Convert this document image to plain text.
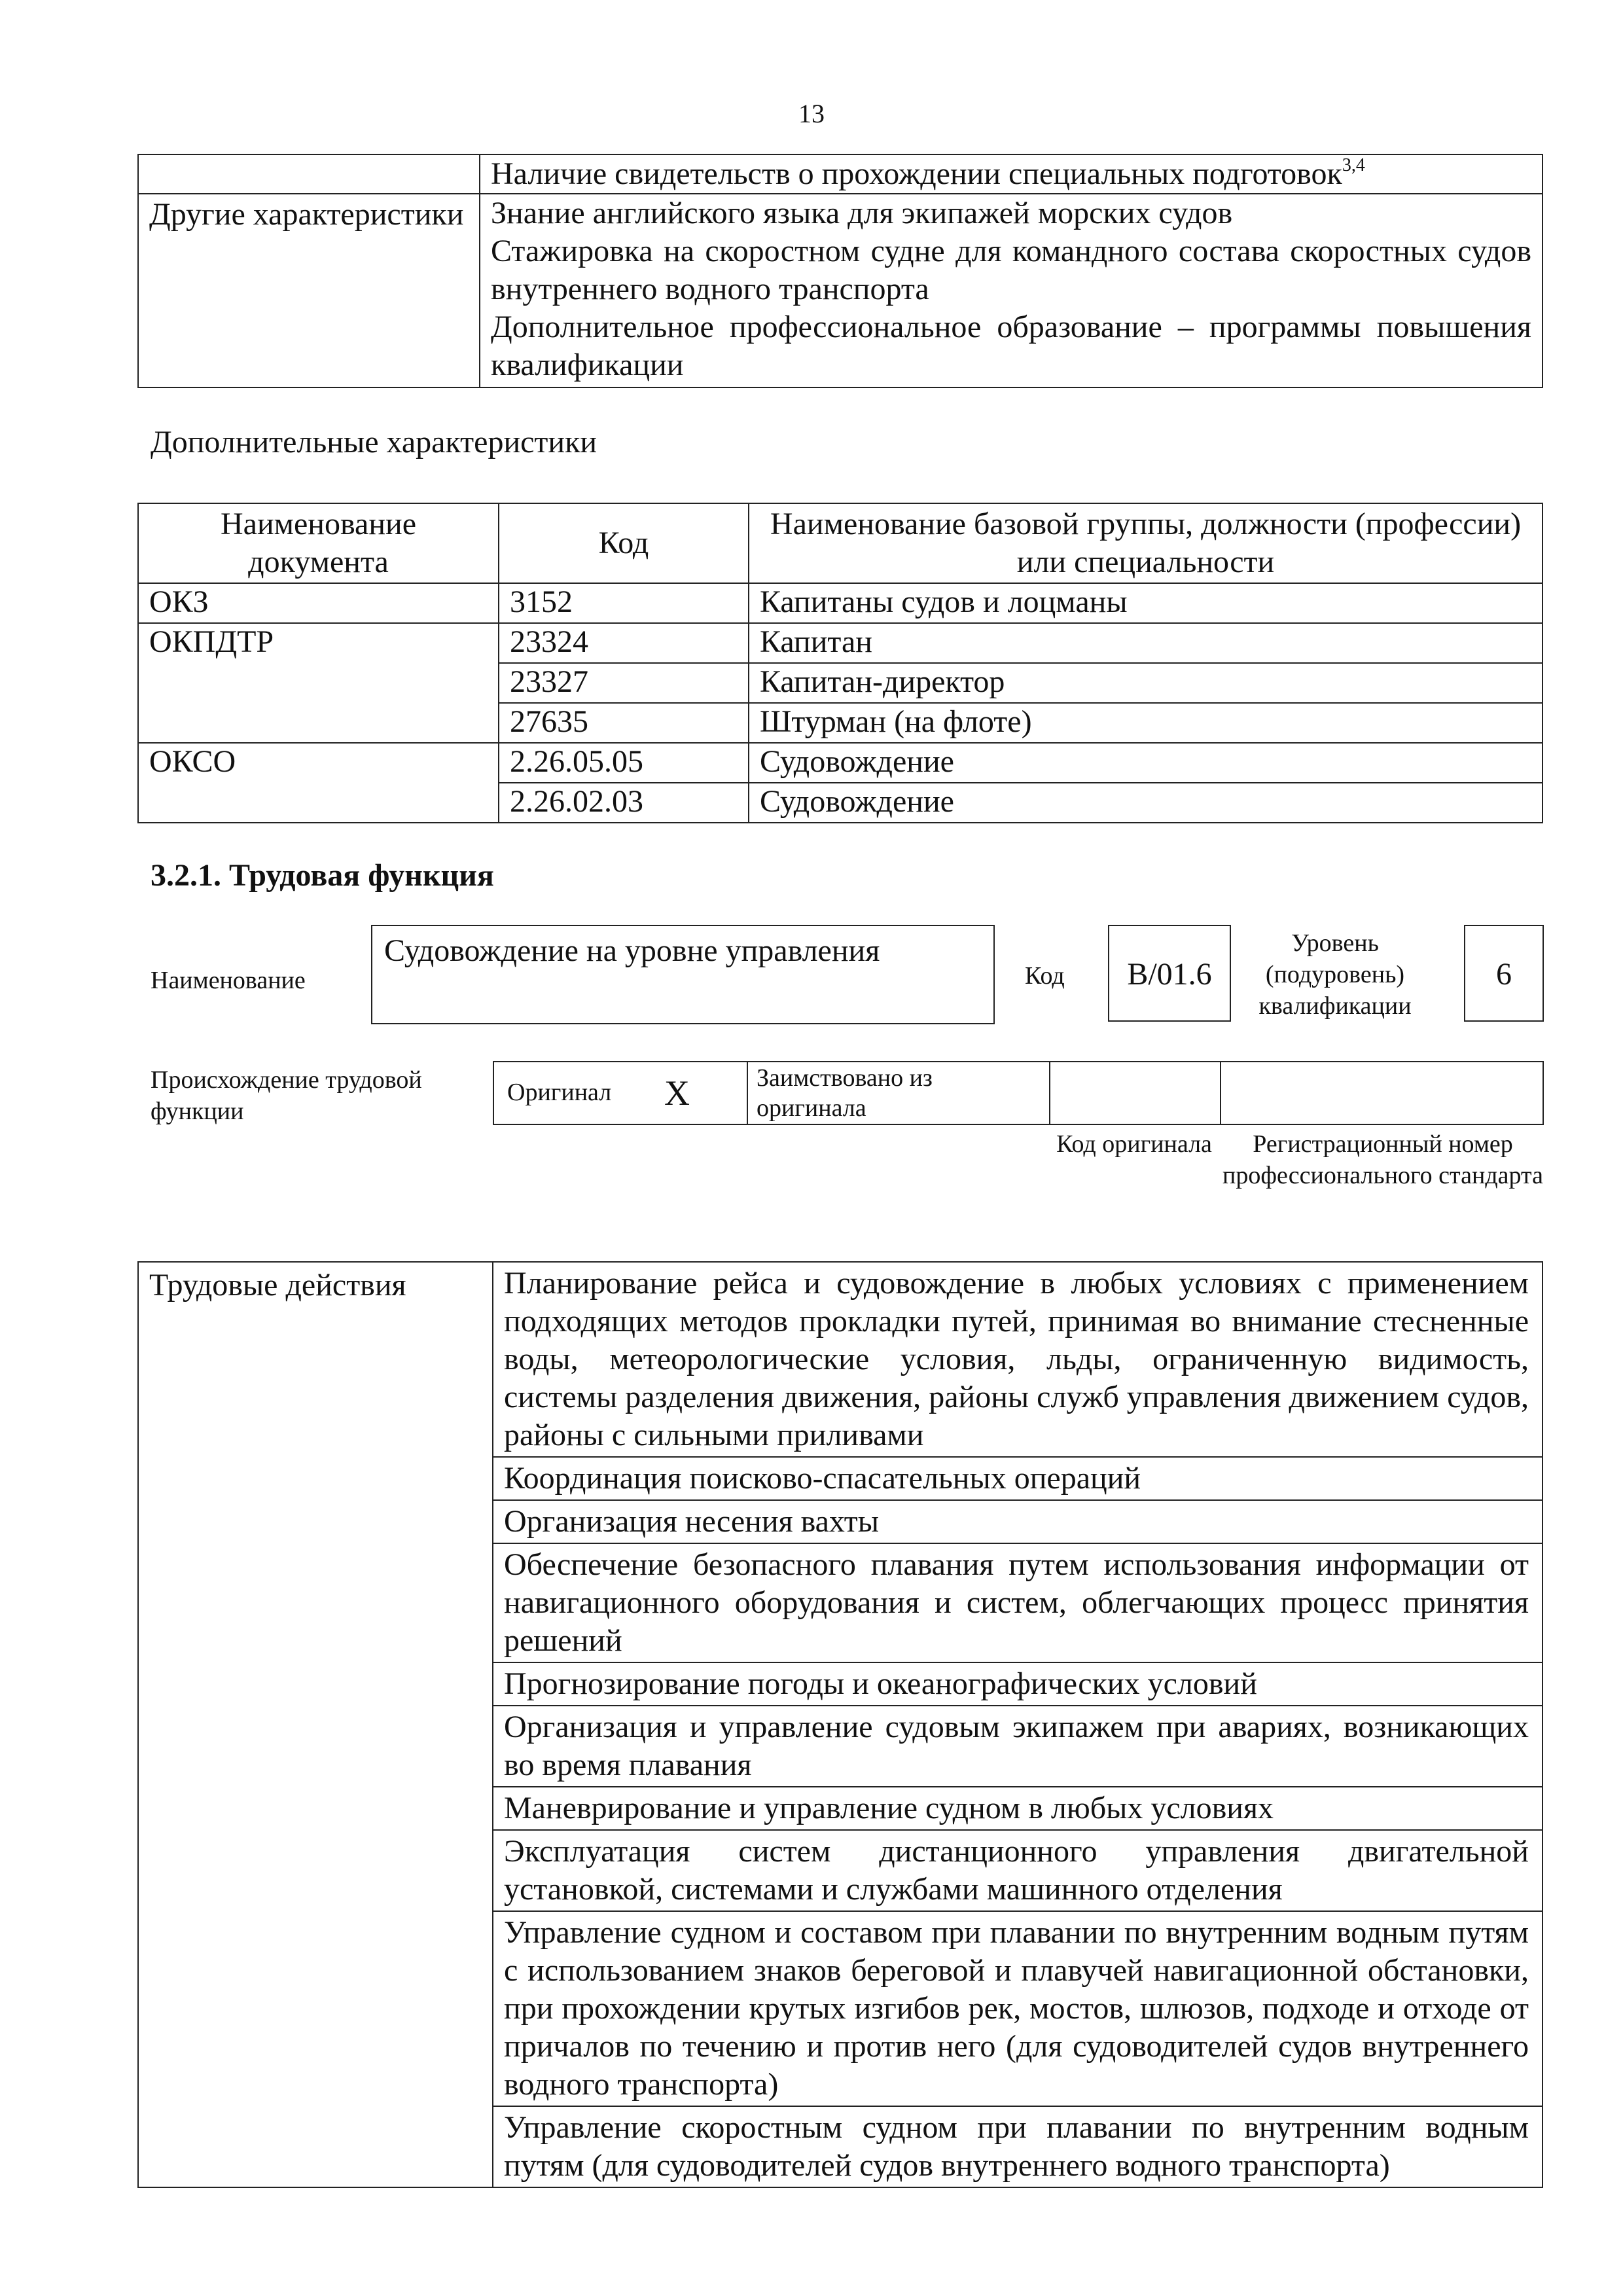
13
	Наличие свидетельств о прохождении специальных подготовок$^{3,4}$
Другие характеристики	Знание английского языка для экипажей морских судов
Стажировка на скоростном судне для командного состава скоростных судов внутреннего водного транспорта
Дополнительное профессиональное образование – программы повышения квалификации
Дополнительные характеристики
Наименование документа	Код	Наименование базовой группы, должности (профессии) или специальности
ОКЗ	3152	Капитаны судов и лоцманы
ОКПДТР	23324	Капитан
	23327	Капитан-директор
	27635	Штурман (на флоте)
ОКСО	2.26.05.05	Судовождение
	2.26.02.03	Судовождение
3.2.1. Трудовая функция
Наименование
Судовождение на уровне управления
Код	B/01.6
Уровень (подуровень) квалификации
6
Происхождение трудовой функции
Оригинал X	Заимствовано из оригинала
Код оригинала	Регистрационный номер профессионального стандарта
Трудовые действия	Планирование рейса и судовождение в любых условиях с применением подходящих методов прокладки путей, принимая во внимание стесненные воды, метеорологические условия, льды, ограниченную видимость, системы разделения движения, районы служб управления движением судов, районы с сильными приливами
Координация поисково-спасательных операций
Организация несения вахты
Обеспечение безопасного плавания путем использования информации от навигационного оборудования и систем, облегчающих процесс принятия решений
Прогнозирование погоды и океанографических условий
Организация и управление судовым экипажем при авариях, возникающих во время плавания
Маневрирование и управление судном в любых условиях
Эксплуатация систем дистанционного управления двигательной установкой, системами и службами машинного отделения
Управление судном и составом при плавании по внутренним водным путям с использованием знаков береговой и плавучей навигационной обстановки, при прохождении крутых изгибов рек, мостов, шлюзов, подходе и отходе от причалов по течению и против него (для судоводителей судов внутреннего водного транспорта)
Управление скоростным судном при плавании по внутренним водным путям (для судоводителей судов внутреннего водного транспорта)
